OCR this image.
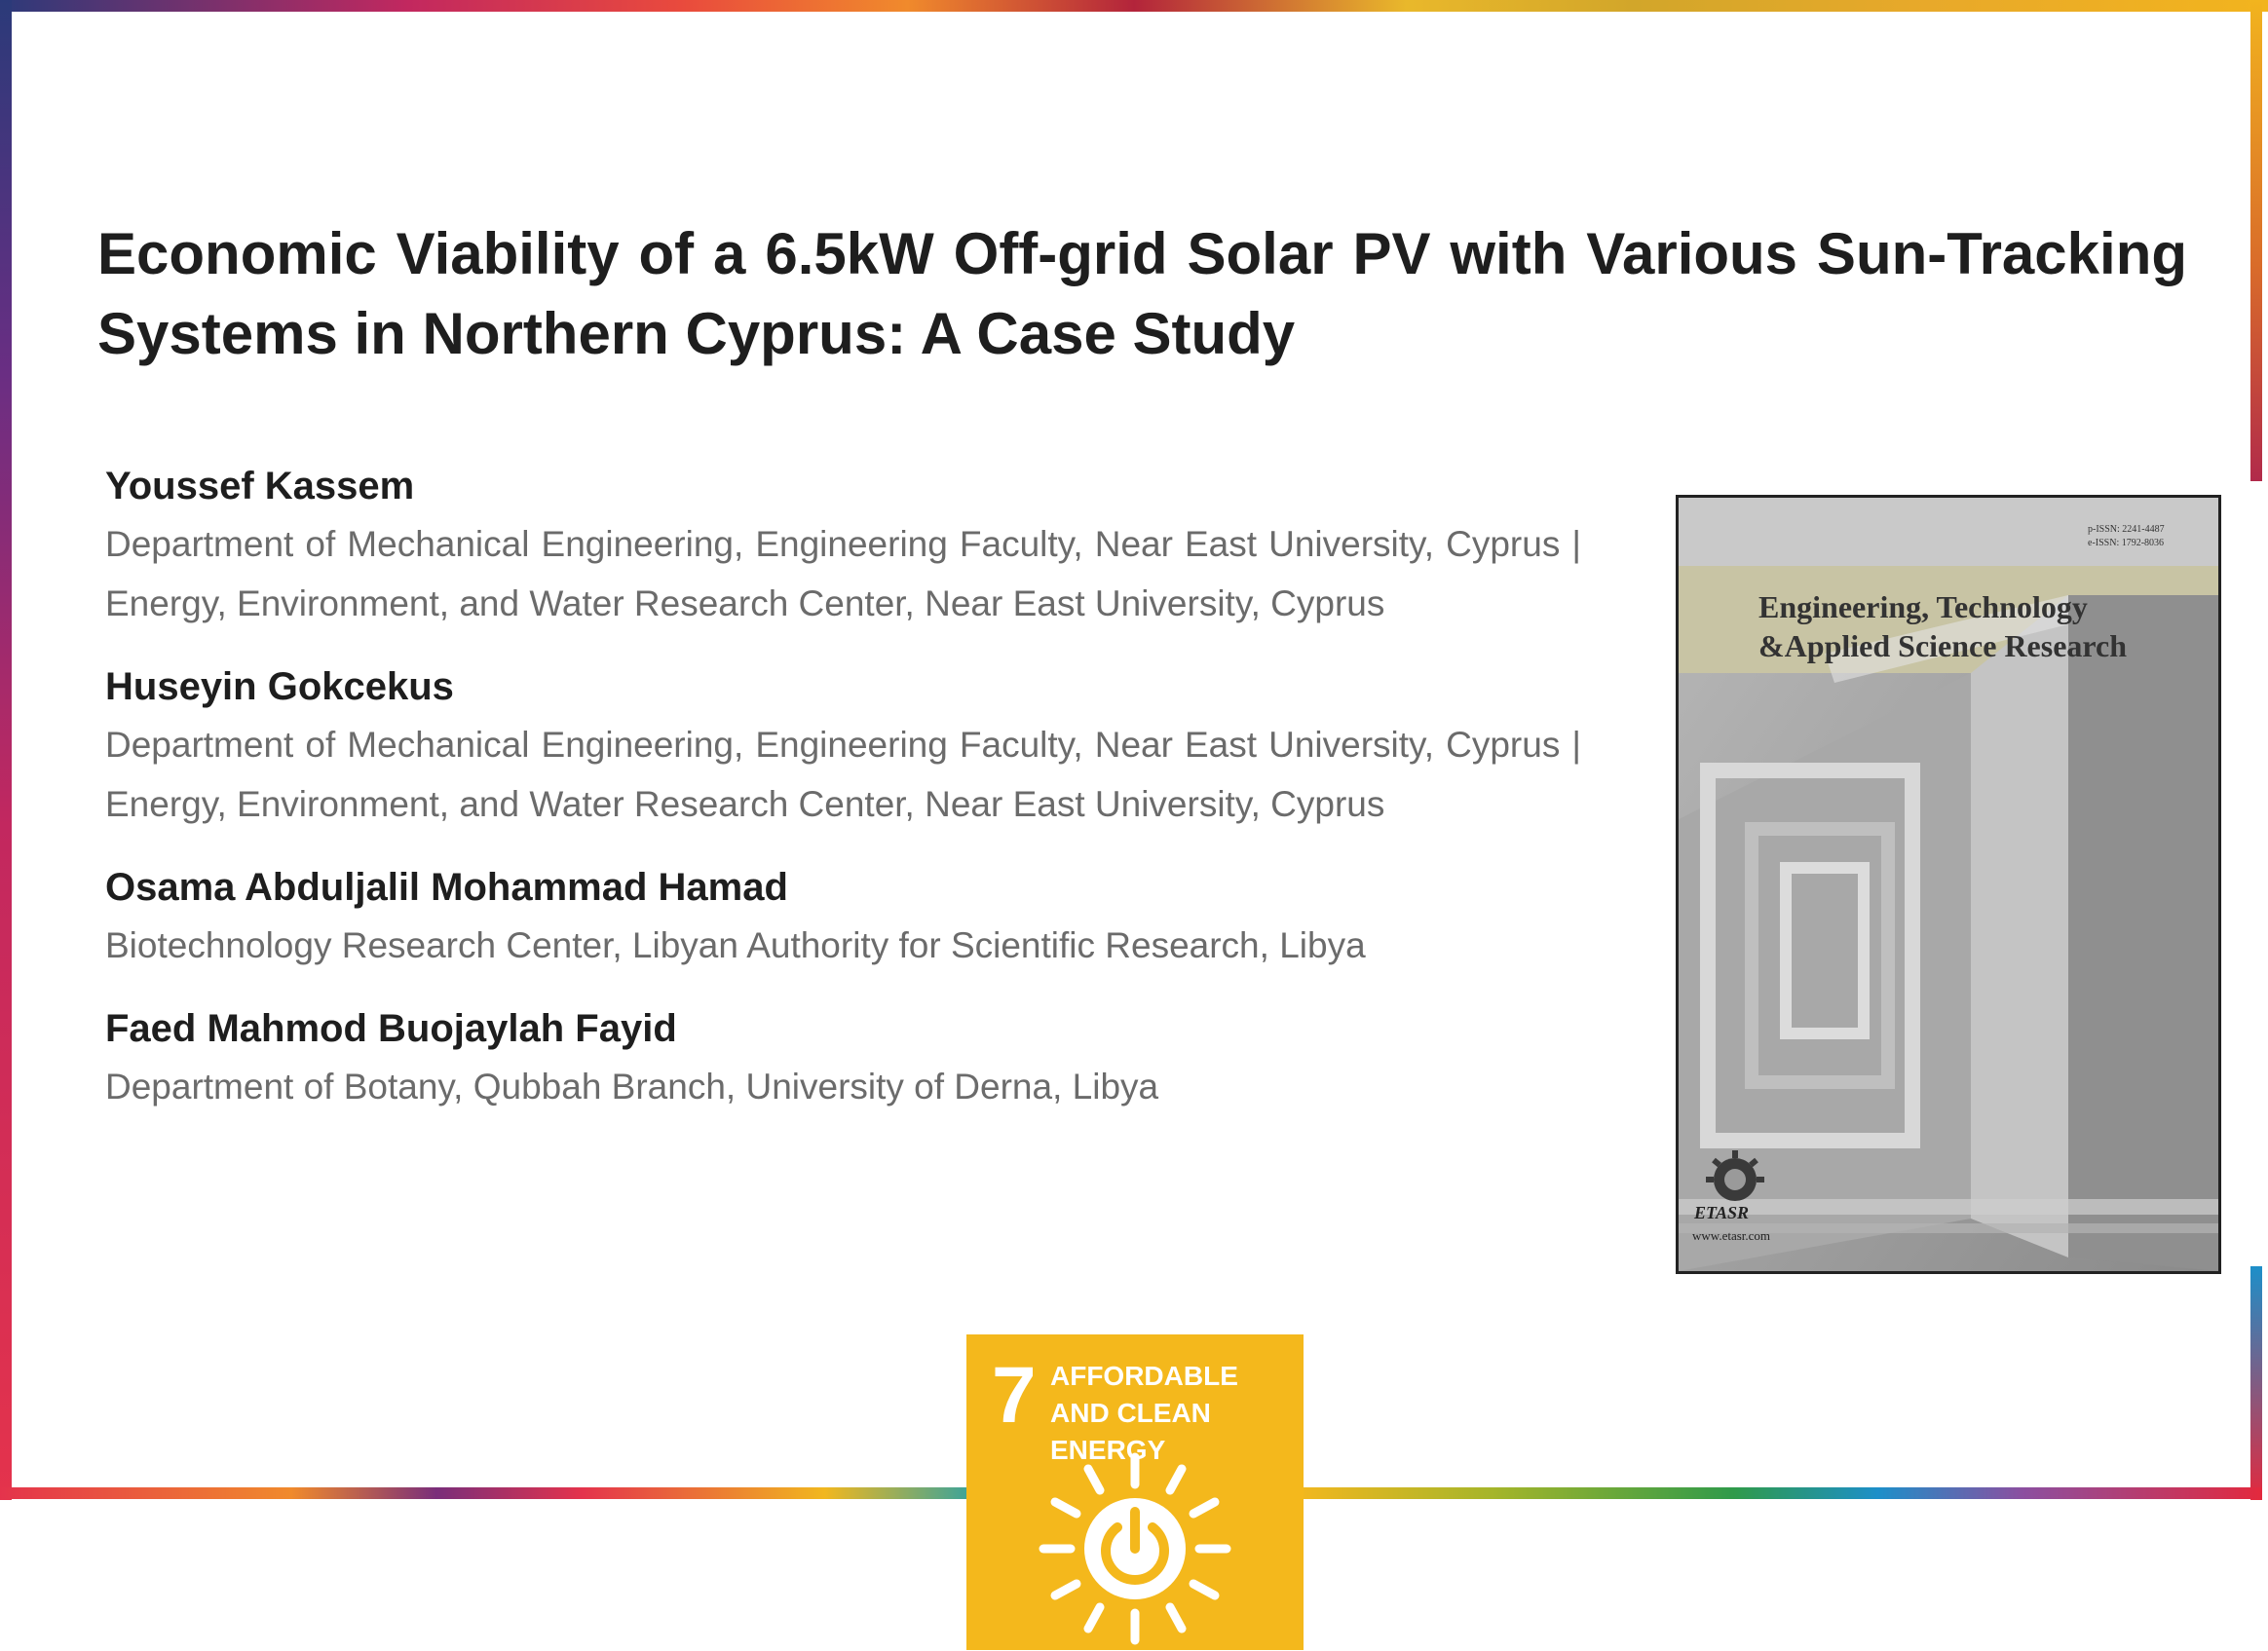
Economic Viability of a 6.5kW Off-grid Solar PV with Various Sun-Tracking Systems in Northern Cyprus: A Case Study
Youssef Kassem
Department of Mechanical Engineering, Engineering Faculty, Near East University, Cyprus | Energy, Environment, and Water Research Center, Near East University, Cyprus
Huseyin Gokcekus
Department of Mechanical Engineering, Engineering Faculty, Near East University, Cyprus | Energy, Environment, and Water Research Center, Near East University, Cyprus
Osama Abduljalil Mohammad Hamad
Biotechnology Research Center, Libyan Authority for Scientific Research, Libya
Faed Mahmod Buojaylah Fayid
Department of Botany, Qubbah Branch, University of Derna, Libya
p-ISSN: 2241-4487
e-ISSN: 1792-8036
Engineering, Technology &Applied Science Research
ETASR
www.etasr.com
7 AFFORDABLE AND CLEAN ENERGY
